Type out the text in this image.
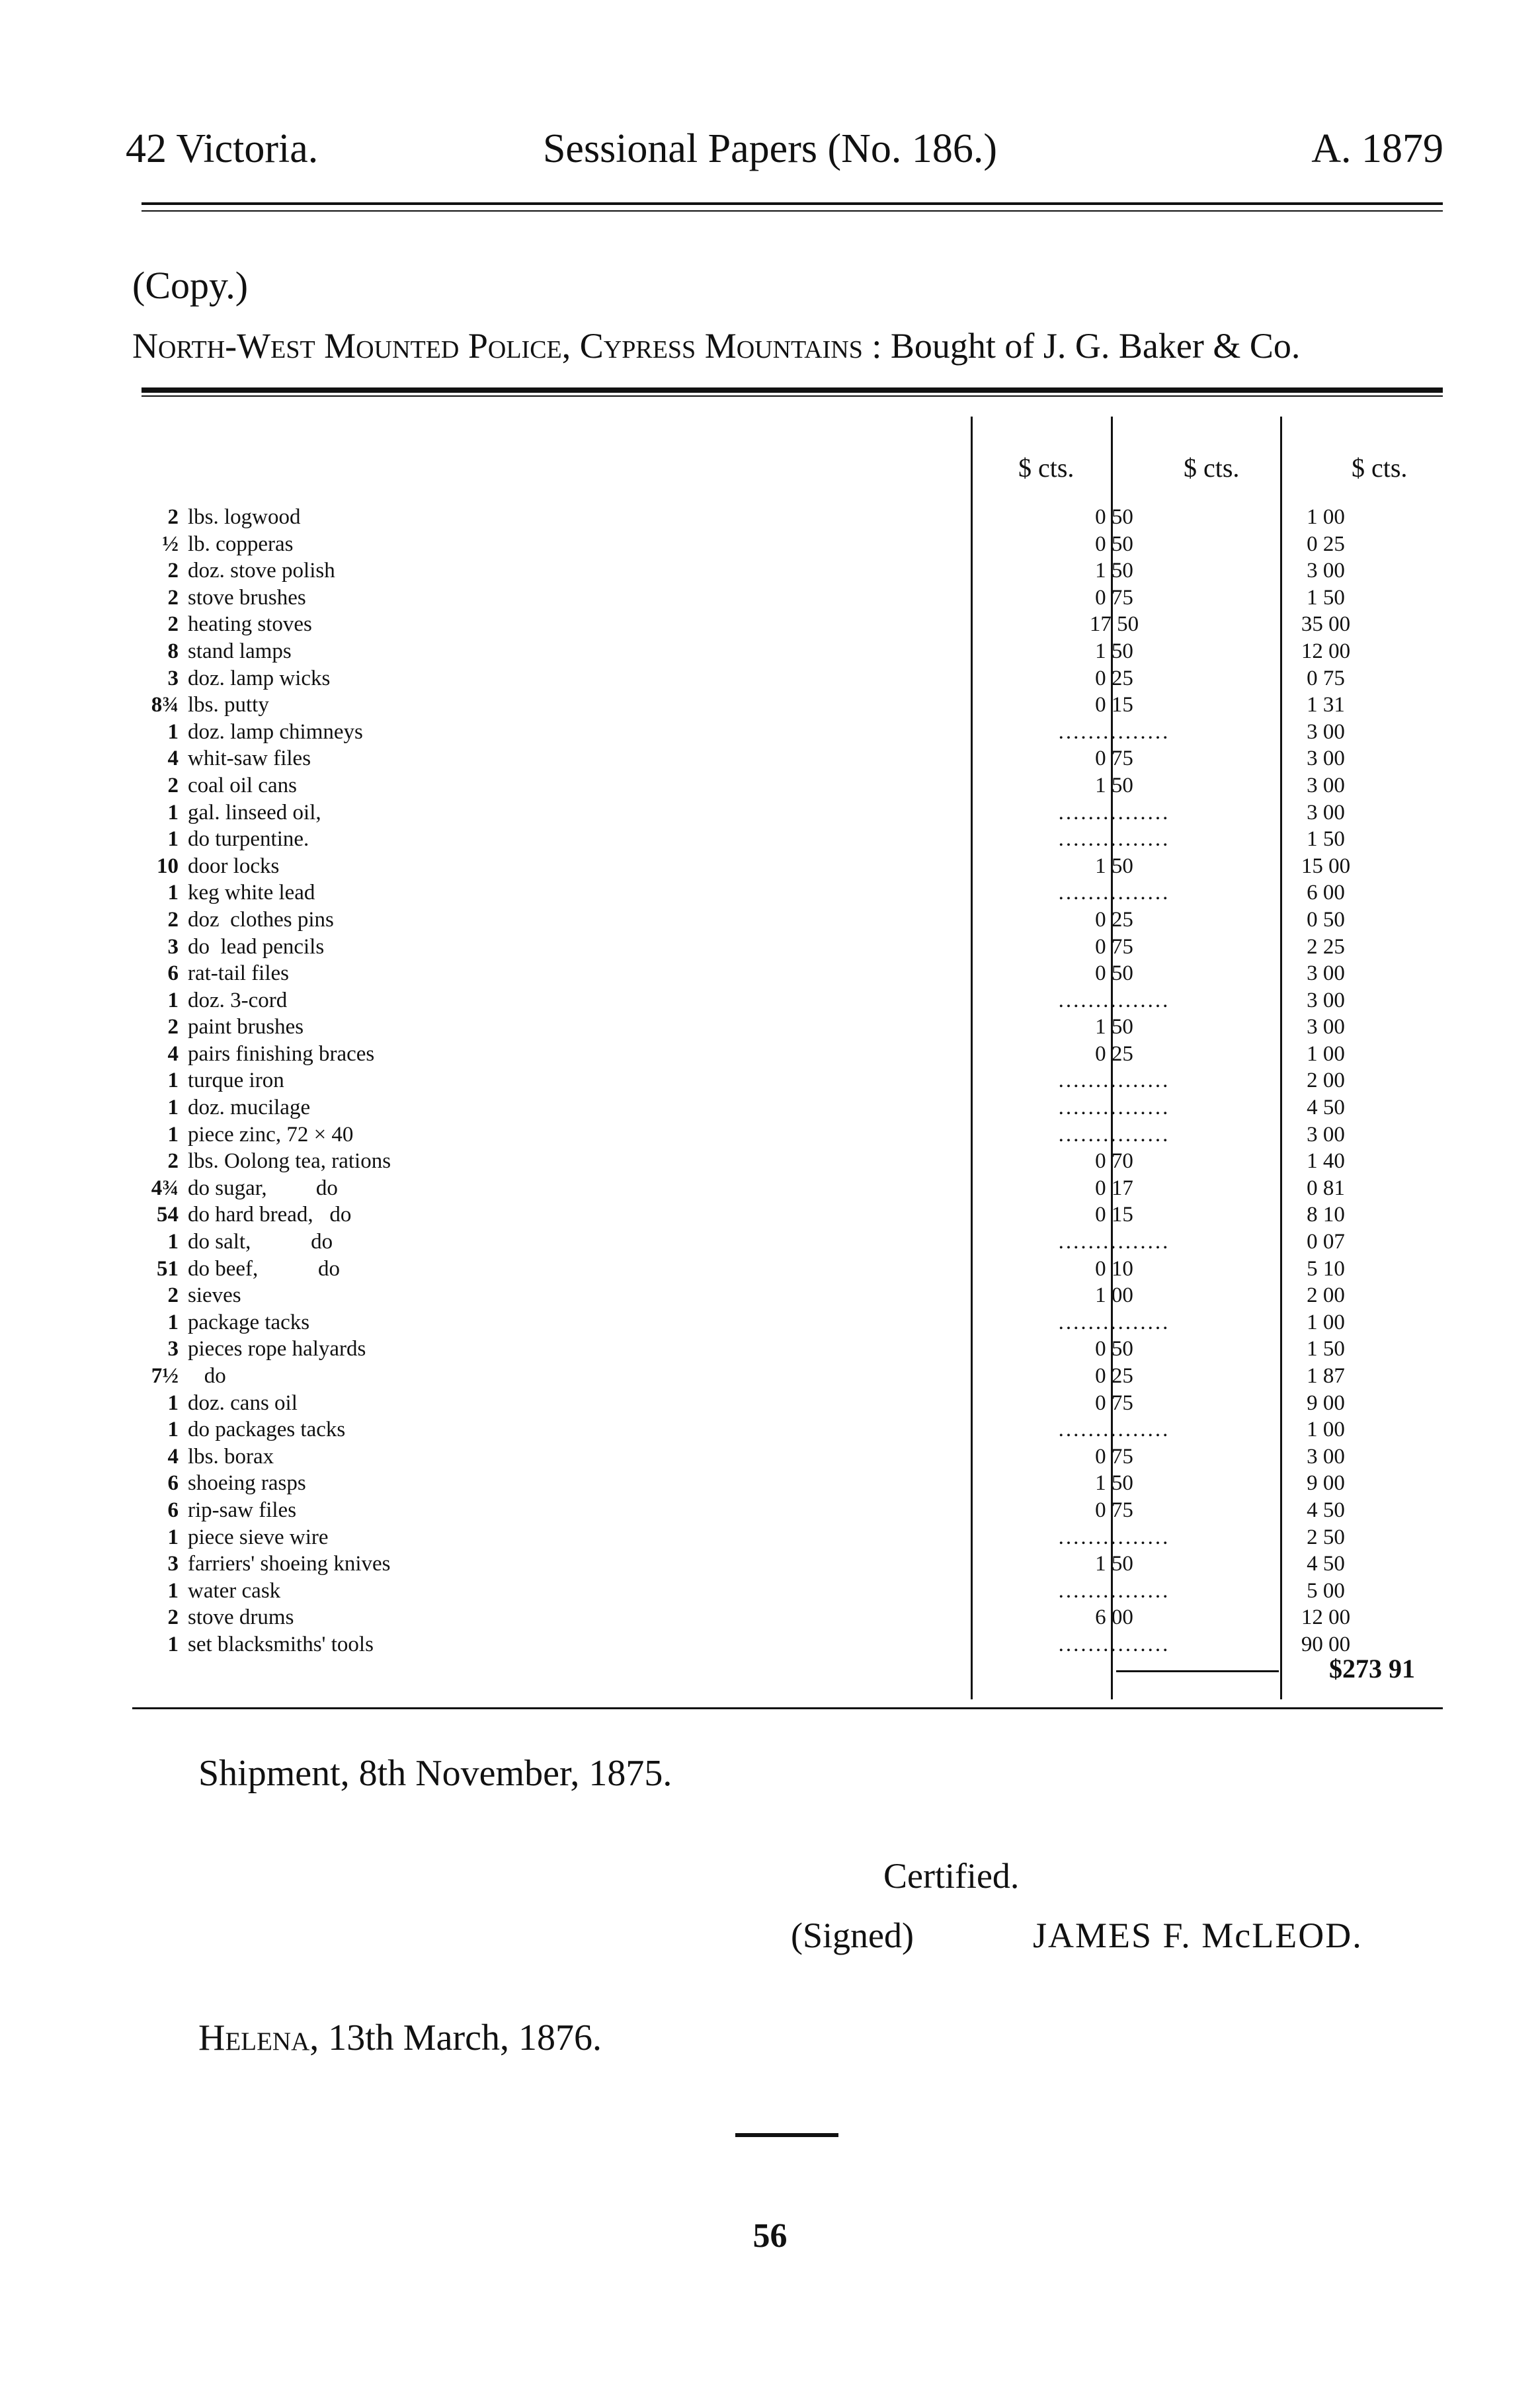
42 Victoria.	Sessional Papers (No. 186.)	A. 1879
(Copy.)
North-West Mounted Police, Cypress Mountains : Bought of J. G. Baker & Co.
$ cts.	$ cts.	$ cts.
2 lbs. logwood	0 50	1 00
½ lb. copperas	0 50	0 25
2 doz. stove polish	1 50	3 00
2 stove brushes	0 75	1 50
2 heating stoves	17 50	35 00
8 stand lamps	1 50	12 00
3 doz. lamp wicks	0 25	0 75
8¾ lbs. putty	0 15	1 31
1 doz. lamp chimneys	...............	3 00
4 whit-saw files	0 75	3 00
2 coal oil cans	1 50	3 00
1 gal. linseed oil,	...............	3 00
1 do turpentine.	...............	1 50
10 door locks	1 50	15 00
1 keg white lead	...............	6 00
2 doz  clothes pins	0 25	0 50
3 do  lead pencils	0 75	2 25
6 rat-tail files	0 50	3 00
1 doz. 3-cord	...............	3 00
2 paint brushes	1 50	3 00
4 pairs finishing braces	0 25	1 00
1 turque iron	...............	2 00
1 doz. mucilage	...............	4 50
1 piece zinc, 72 × 40	...............	3 00
2 lbs. Oolong tea, rations	0 70	1 40
4¾ do sugar,         do	0 17	0 81
54 do hard bread,   do	0 15	8 10
1 do salt,           do	...............	0 07
51 do beef,           do	0 10	5 10
2 sieves	1 00	2 00
1 package tacks	...............	1 00
3 pieces rope halyards	0 50	1 50
7½ do	0 25	1 87
1 doz. cans oil	0 75	9 00
1 do packages tacks	...............	1 00
4 lbs. borax	0 75	3 00
6 shoeing rasps	1 50	9 00
6 rip-saw files	0 75	4 50
1 piece sieve wire	...............	2 50
3 farriers' shoeing knives	1 50	4 50
1 water cask	...............	5 00
2 stove drums	6 00	12 00
1 set blacksmiths' tools	...............	90 00
$273 91
Shipment, 8th November, 1875.
Certified.
(Signed)	JAMES F. McLEOD.
Helena, 13th March, 1876.
56
